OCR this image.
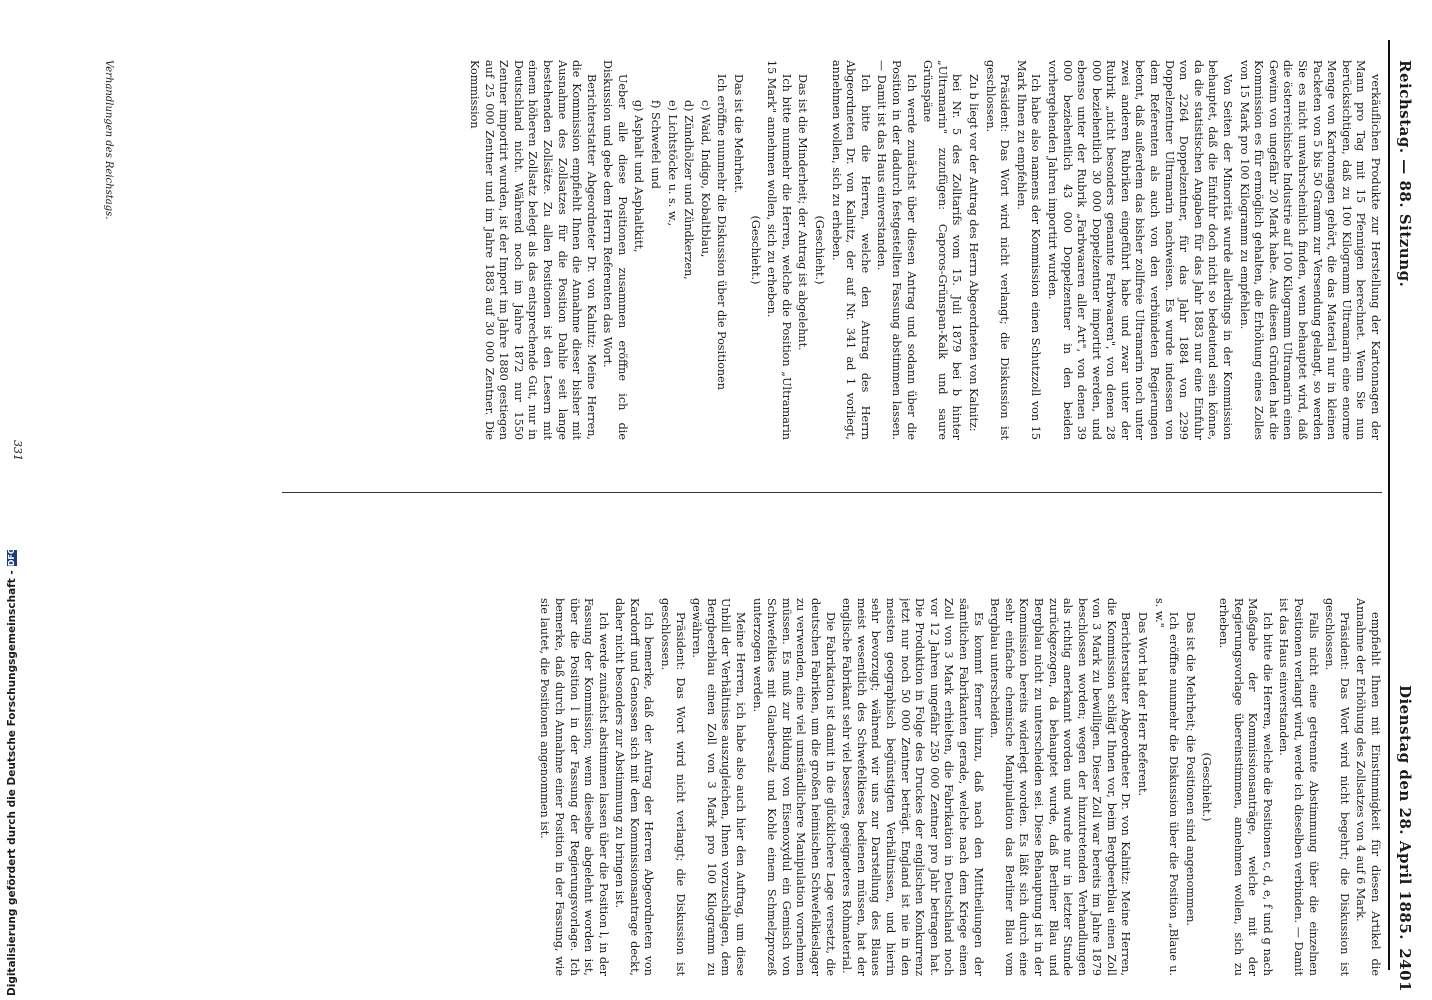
Digitalisierung gefördert durch die Deutsche Forschungsgemeinschaft -DFG
Reichstag. — 88. Sitzung.
Dienstag den 28. April 1885.
2401

verkäuflichen Produkte zur Herstellung der Kartonnagen der Mann pro Tag mit 15 Pfennigen berechnet. Wenn Sie nun berücksichtigen, daß zu 100 Kilogramm Ultramarin eine enorme Menge von Kartonnagen gehört, die das Material nur in kleinen Packeten von 5 bis 50 Gramm zur Versendung gelangt, so werden Sie es nicht unwahrscheinlich finden, wenn behauptet wird, daß die österreichische Industrie auf 100 Kilogramm Ultramarin einen Gewinn von ungefähr 20 Mark habe. Aus diesen Gründen hat die Kommission es für ermöglich gehalten, die Erhöhung eines Zolles von 15 Mark pro 100 Kilogramm zu empfehlen.

Von Seiten der Minorität wurde allerdings in der Kommission behauptet, daß die Einfuhr doch nicht so bedeutend sein könne, da die statistischen Angaben für das Jahr 1883 nur eine Einfuhr von 2264 Doppelzentner, für das Jahr 1884 von 2299 Doppelzentner Ultramarin nachweisen. Es wurde indessen von dem Referenten als auch von den verbündeten Regierungen betont, daß außerdem das bisher zollfreie Ultramarin noch unter zwei anderen Rubriken eingeführt habe und zwar unter der Rubrik „nicht besonders genannte Farbwaaren", von denen 28 000 beziehentlich 30 000 Doppelzentner importirt werden, und ebenso unter der Rubrik „Farbwaaren aller Art", von denen 39 000 beziehentlich 43 000 Doppelzentner in den beiden vorhergehenden Jahren importirt wurden.

Ich habe also namens der Kommission einen Schutzzoll von 15 Mark Ihnen zu empfehlen.

Präsident: Das Wort wird nicht verlangt; die Diskussion ist geschlossen.

Zu b liegt vor der Antrag des Herrn Abgeordneten von Kalnitz:

bei Nr. 5 des Zolltarifs vom 15. Juli 1879 bei b hinter „Ultramarin" zuzufügen: Caporos-Grünspan-Kalk und saure Grünspäne

Ich werde zunächst über diesen Antrag und sodann über die Position in der dadurch festgestellten Fassung abstimmen lassen. — Damit ist das Haus einverstanden.

Ich bitte die Herren, welche den Antrag des Herrn Abgeordneten Dr. von Kalnitz, der auf Nr. 341 ad 1 vorliegt, annehmen wollen, sich zu erheben.

(Geschieht.)

Das ist die Minderheit; der Antrag ist abgelehnt.

Ich bitte nunmehr die Herren, welche die Position „Ultramarin 15 Mark" annehmen wollen, sich zu erheben.

(Geschieht.)

Das ist die Mehrheit.

Ich eröffne nunmehr die Diskussion über die Positionen

c) Waid, Indigo, Kobaltblau,

d) Zündhölzer und Zündkerzen,

e) Lichtstöcke u. s. w.,

f) Schwefel und

g) Asphalt und Asphaltkitt,

Ueber alle diese Positionen zusammen eröffne ich die Diskussion und gebe dem Herrn Referenten das Wort.

Berichterstatter Abgeordneter Dr. von Kalnitz: Meine Herren, die Kommission empfiehlt Ihnen die Annahme dieser bisher mit Ausnahme des Zollsatzes für die Position Dahlie seit lange bestehenden Zollsätze. Zu allen Positionen ist den Lesern mit einem höheren Zollsatz belegt als das entsprechende Gut, nur in Deutschland nicht. Während noch im Jahre 1872 nur 1550 Zentner importirt wurden, ist der Import im Jahre 1880 gestiegen auf 25 000 Zentner und im Jahre 1883 auf 30 000 Zentner. Die Kommission

empfiehlt Ihnen mit Einstimmigkeit für diesen Artikel die Annahme der Erhöhung des Zollsatzes von 4 auf 6 Mark.

Präsident: Das Wort wird nicht begehrt; die Diskussion ist geschlossen.

Falls nicht eine getrennte Abstimmung über die einzelnen Positionen verlangt wird, werde ich dieselben verbinden. — Damit ist das Haus einverstanden.

Ich bitte die Herren, welche die Positionen c, d, e, f und g nach Maßgabe der Kommissionsanträge, welche mit der Regierungsvorlage übereinstimmen, annehmen wollen, sich zu erheben.

(Geschieht.)

Das ist die Mehrheit; die Positionen sind angenommen.

Ich eröffne nunmehr die Diskussion über die Position „Blaue u. s. w."

Das Wort hat der Herr Referent.

Berichterstatter Abgeordneter Dr. von Kalnitz: Meine Herren, die Kommission schlägt Ihnen vor, beim Bergbeerblau einen Zoll von 3 Mark zu bewilligen. Dieser Zoll war bereits im Jahre 1879 beschlossen worden; wegen der hinzutretenden Verhandlungen als richtig anerkannt worden und wurde nur in letzter Stunde zurückgezogen, da behauptet wurde, daß Berliner Blau und Bergblau nicht zu unterscheiden sei. Diese Behauptung ist in der Kommission bereits widerlegt worden. Es läßt sich durch eine sehr einfache chemische Manipulation das Berliner Blau vom Bergblau unterscheiden.

Es kommt ferner hinzu, daß nach den Mittheilungen der sämtlichen Fabrikanten gerade, welche nach dem Kriege einen Zoll von 3 Mark erhielten, die Fabrikation in Deutschland noch vor 12 Jahren ungefähr 250 000 Zentner pro Jahr betragen hat. Die Produktion in Folge des Druckes der englischen Konkurrenz jetzt nur noch 50 000 Zentner beträgt. England ist nie in den meisten geographisch begünstigten Verhältnissen, und hierin sehr bevorzugt; während wir uns zur Darstellung des Blaues meist wesentlich des Schwefelkieses bedienen müssen, hat der englische Fabrikant sehr viel besseres, geeigneteres Rohmaterial.

Die Fabrikation ist damit in die glücklichere Lage versetzt, die deutschen Fabriken, um die großen heimischen Schwefelkieslager zu verwenden, eine viel umständlichere Manipulation vornehmen müssen. Es muß zur Bildung von Eisenoxydul ein Gemisch von Schwefelkies mit Glaubersalz und Kohle einem Schmelzprozeß unterzogen werden.

Meine Herren, ich habe also auch hier den Auftrag, um diese Unbill der Verhältnisse auszugleichen, Ihnen vorzuschlagen, dem Bergbeerblau einen Zoll von 3 Mark pro 100 Kilogramm zu gewähren.

Präsident: Das Wort wird nicht verlangt; die Diskussion ist geschlossen.

Ich bemerke, daß der Antrag der Herren Abgeordneten von Kardorff und Genossen sich mit dem Kommissionsantrage deckt, daher nicht besonders zur Abstimmung zu bringen ist.

Ich werde zunächst abstimmen lassen über die Position l, in der Fassung der Kommission; wenn dieselbe abgelehnt worden ist, über die Position l in der Fassung der Regierungsvorlage. Ich bemerke, daß durch Annahme einer Position in der Fassung, wie sie lautet, die Positionen angenommen ist.

Verhandlungen des Reichstags.
331
